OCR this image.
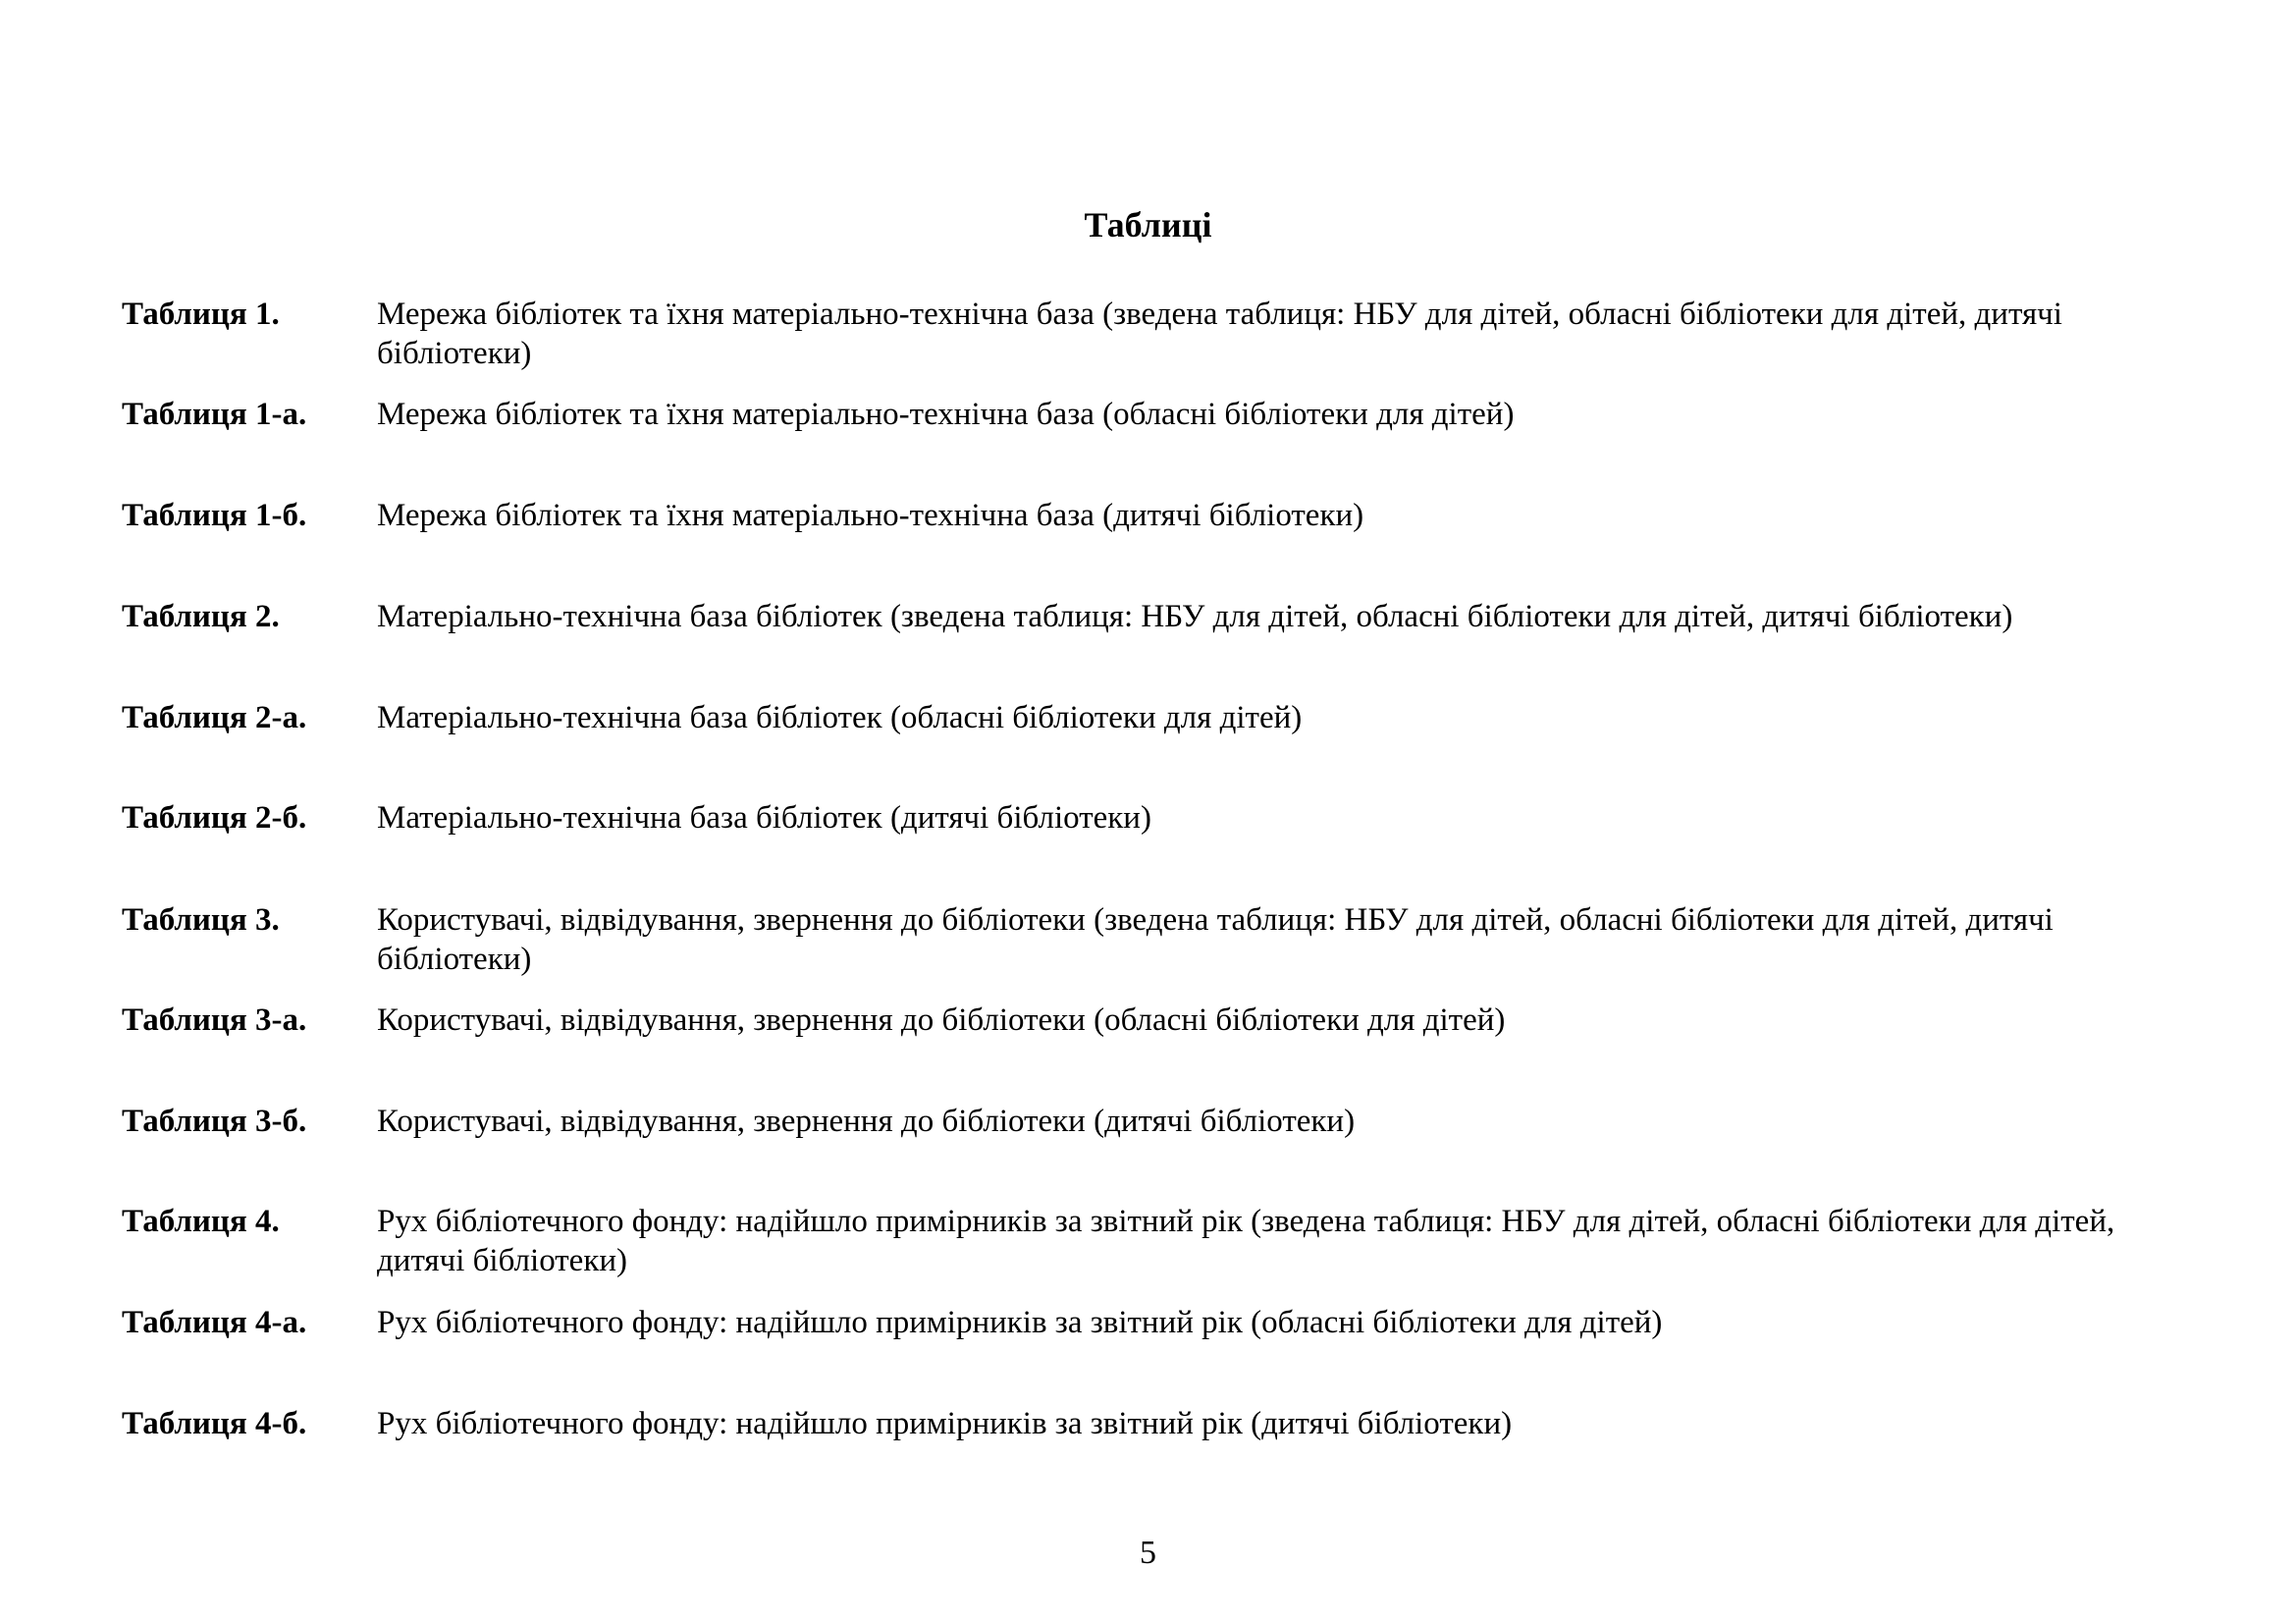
Таблиці
Таблиця 1.	Мережа бібліотек та їхня матеріально-технічна база (зведена таблиця: НБУ для дітей, обласні бібліотеки для дітей, дитячі бібліотеки)
Таблиця 1-а.	Мережа бібліотек та їхня матеріально-технічна база (обласні бібліотеки для дітей)
Таблиця 1-б.	Мережа бібліотек та їхня матеріально-технічна база (дитячі бібліотеки)
Таблиця 2.	Матеріально-технічна база бібліотек (зведена таблиця: НБУ для дітей, обласні бібліотеки для дітей, дитячі бібліотеки)
Таблиця 2-а.	Матеріально-технічна база бібліотек (обласні бібліотеки для дітей)
Таблиця 2-б.	Матеріально-технічна база бібліотек (дитячі бібліотеки)
Таблиця 3.	Користувачі, відвідування, звернення до бібліотеки (зведена таблиця: НБУ для дітей, обласні бібліотеки для дітей, дитячі бібліотеки)
Таблиця 3-а.	Користувачі, відвідування, звернення до бібліотеки (обласні бібліотеки для дітей)
Таблиця 3-б.	Користувачі, відвідування, звернення до бібліотеки (дитячі бібліотеки)
Таблиця 4.	Рух бібліотечного фонду: надійшло примірників за звітний рік (зведена таблиця: НБУ для дітей, обласні бібліотеки для дітей, дитячі бібліотеки)
Таблиця 4-а.	Рух бібліотечного фонду: надійшло примірників за звітний рік (обласні бібліотеки для дітей)
Таблиця 4-б.	Рух бібліотечного фонду: надійшло примірників за звітний рік (дитячі бібліотеки)
5
